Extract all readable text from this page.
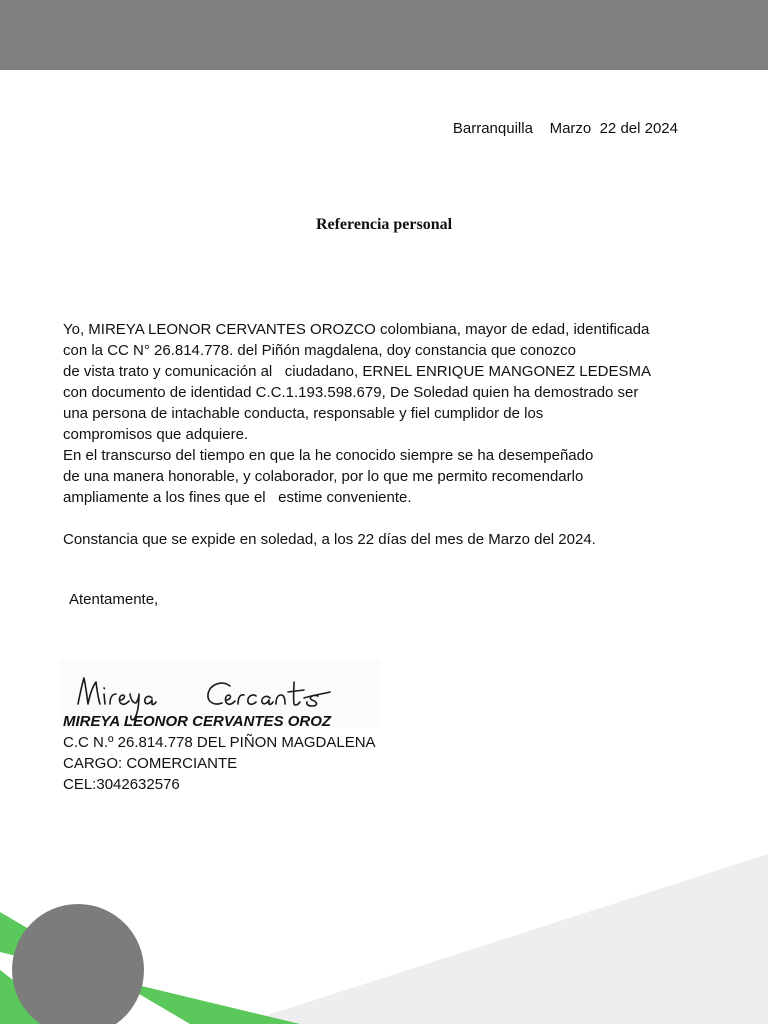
Barranquilla    Marzo  22 del 2024
Referencia personal
Yo, MIREYA LEONOR CERVANTES OROZCO colombiana, mayor de edad, identificada
con la CC N° 26.814.778. del Piñón magdalena, doy constancia que conozco
de vista trato y comunicación al   ciudadano, ERNEL ENRIQUE MANGONEZ LEDESMA
con documento de identidad C.C.1.193.598.679, De Soledad quien ha demostrado ser
una persona de intachable conducta, responsable y fiel cumplidor de los
compromisos que adquiere.
En el transcurso del tiempo en que la he conocido siempre se ha desempeñado
de una manera honorable, y colaborador, por lo que me permito recomendarlo
ampliamente a los fines que el   estime conveniente.
Constancia que se expide en soledad, a los 22 días del mes de Marzo del 2024.
Atentamente,
MIREYA LEONOR CERVANTES OROZ
C.C N.º 26.814.778 DEL PIÑON MAGDALENA
CARGO: COMERCIANTE
CEL:3042632576
